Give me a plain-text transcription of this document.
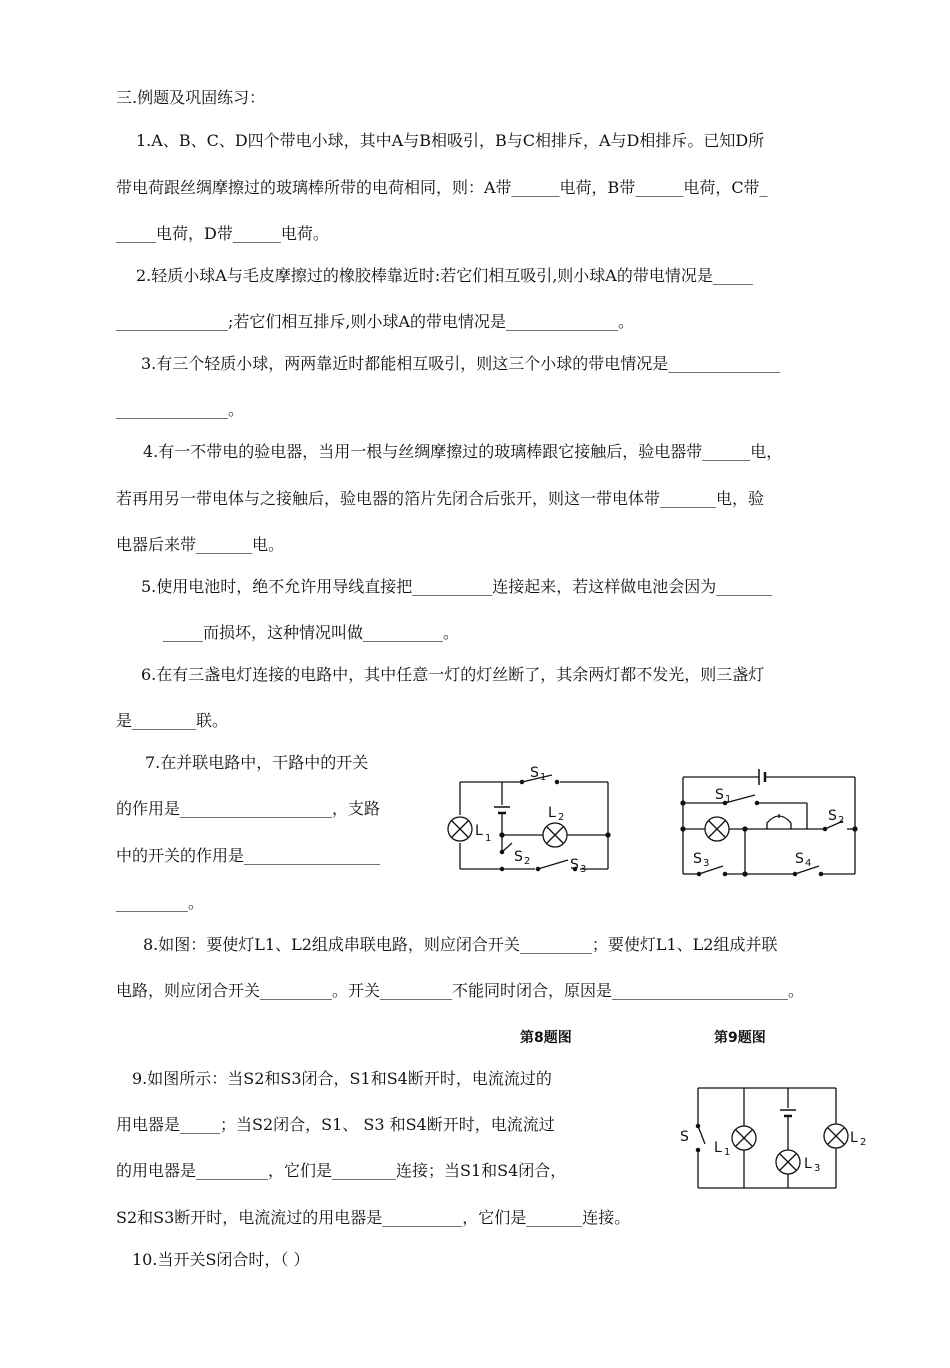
三.例题及巩固练习：
1.A、B、C、D四个带电小球，其中A与B相吸引，B与C相排斥，A与D相排斥。已知D所
带电荷跟丝绸摩擦过的玻璃棒所带的电荷相同，则：A带______电荷，B带______电荷，C带_
_____电荷，D带______电荷。
2.轻质小球A与毛皮摩擦过的橡胶棒靠近时:若它们相互吸引,则小球A的带电情况是_____
______________;若它们相互排斥,则小球A的带电情况是______________。
3.有三个轻质小球，两两靠近时都能相互吸引，则这三个小球的带电情况是______________
______________。
4.有一不带电的验电器，当用一根与丝绸摩擦过的玻璃棒跟它接触后，验电器带______电，
若再用另一带电体与之接触后，验电器的箔片先闭合后张开，则这一带电体带_______电，验
电器后来带_______电。
5.使用电池时，绝不允许用导线直接把__________连接起来，若这样做电池会因为_______
_____而损坏，这种情况叫做__________。
6.在有三盏电灯连接的电路中，其中任意一灯的灯丝断了，其余两灯都不发光，则三盏灯
是________联。
7.在并联电路中，干路中的开关
的作用是___________________，支路
中的开关的作用是_________________
_________。
S 1
L 2
L 1
S 2	S 3
S 1
S 2
S 3	S 4
8.如图：要使灯L1、L2组成串联电路，则应闭合开关_________；要使灯L1、L2组成并联
电路，则应闭合开关_________。开关_________不能同时闭合，原因是______________________。
第8题图	第9题图
9.如图所示：当S2和S3闭合，S1和S4断开时，电流流过的
用电器是_____；当S2闭合，S1、 S3 和S4断开时，电流流过
的用电器是_________，它们是________连接；当S1和S4闭合，
S2和S3断开时，电流流过的用电器是__________，它们是_______连接。
S
L 1
L 3
L 2
10.当开关S闭合时，（ ）
